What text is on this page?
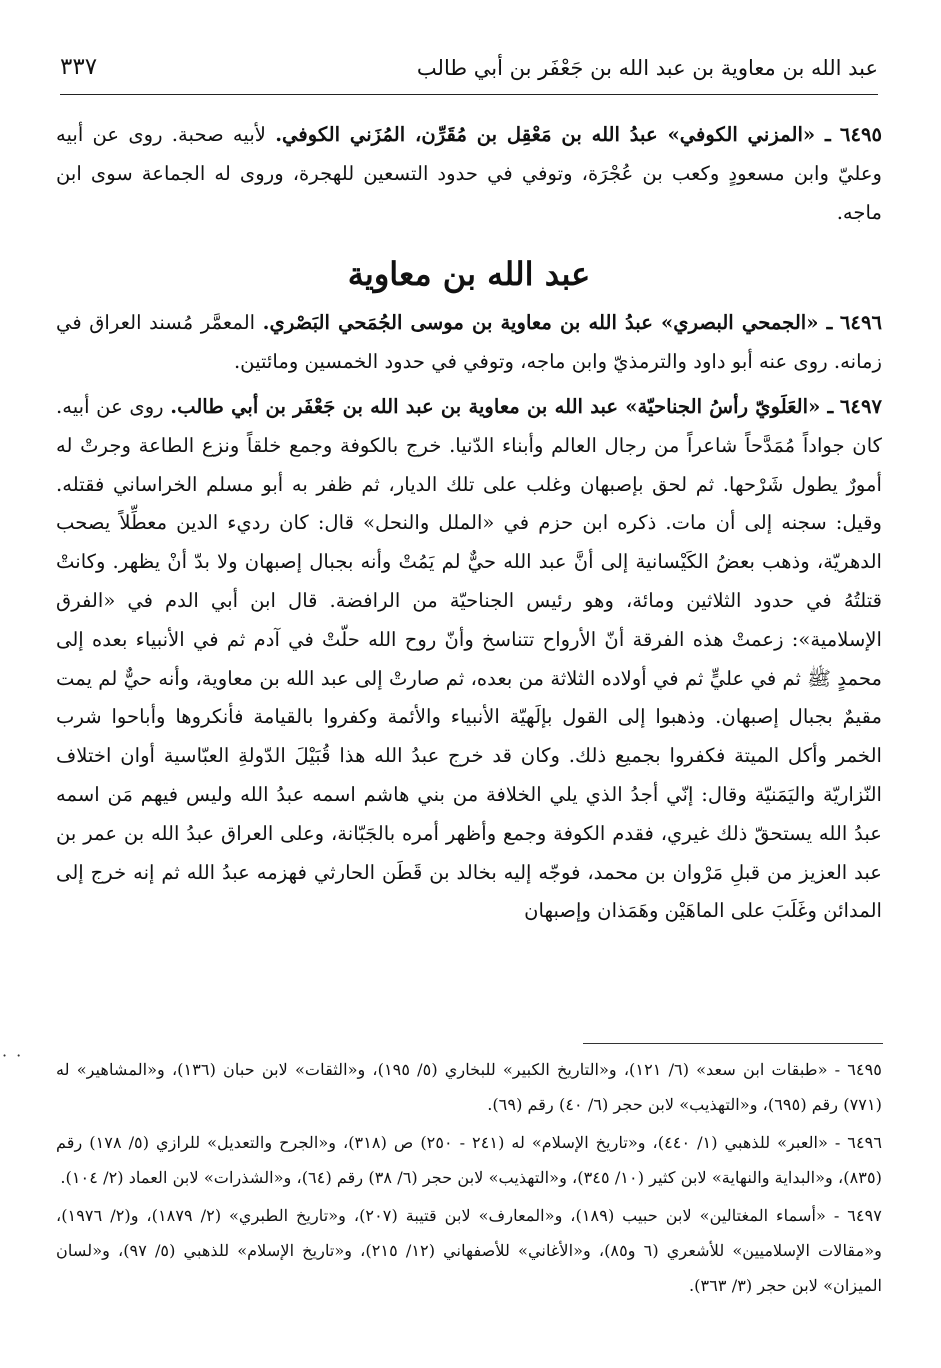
عبد الله بن معاوية بن عبد الله بن جَعْفَر بن أبي طالب
٣٣٧

٦٤٩٥ ـ «المزني الكوفي» عبدُ الله بن مَعْقِل بن مُقَرِّن، المُزَني الكوفي. لأبيه صحبة. روى عن أبيه وعليّ وابن مسعودٍ وكعب بن عُجْرَة، وتوفي في حدود التسعين للهجرة، وروى له الجماعة سوى ابن ماجه.

عبد الله بن معاوية

٦٤٩٦ ـ «الجمحي البصري» عبدُ الله بن معاوية بن موسى الجُمَحي البَصْري. المعمَّر مُسند العراق في زمانه. روى عنه أبو داود والترمذيّ وابن ماجه، وتوفي في حدود الخمسين ومائتين.

٦٤٩٧ ـ «العَلَويّ رأسُ الجناحيّة» عبد الله بن معاوية بن عبد الله بن جَعْفَر بن أبي طالب. روى عن أبيه. كان جواداً مُمَدَّحاً شاعراً من رجال العالم وأبناء الدّنيا. خرج بالكوفة وجمع خلقاً ونزع الطاعة وجرتْ له أمورٌ يطول شَرْحها. ثم لحق بإصبهان وغلب على تلك الديار، ثم ظفر به أبو مسلم الخراساني فقتله. وقيل: سجنه إلى أن مات. ذكره ابن حزم في «الملل والنحل» قال: كان رديء الدين معطِّلاً يصحب الدهريّة، وذهب بعضُ الكَيْسانية إلى أنَّ عبد الله حيٌّ لم يَمُتْ وأنه بجبال إصبهان ولا بدّ أنْ يظهر. وكانتْ قتلتُهُ في حدود الثلاثين ومائة، وهو رئيس الجناحيّة من الرافضة. قال ابن أبي الدم في «الفرق الإسلامية»: زعمتْ هذه الفرقة أنّ الأرواح تتناسخ وأنّ روح الله حلّتْ في آدم ثم في الأنبياء بعده إلى محمدٍ ﷺ ثم في عليٍّ ثم في أولاده الثلاثة من بعده، ثم صارتْ إلى عبد الله بن معاوية، وأنه حيٌّ لم يمت مقيمٌ بجبال إصبهان. وذهبوا إلى القول بإلَهيّة الأنبياء والأئمة وكفروا بالقيامة فأنكروها وأباحوا شرب الخمر وأكل الميتة فكفروا بجميع ذلك. وكان قد خرج عبدُ الله هذا قُبَيْلَ الدّولةِ العبّاسية أوان اختلاف النّزاريّة واليَمَنيّة وقال: إنّي أجدُ الذي يلي الخلافة من بني هاشم اسمه عبدُ الله وليس فيهم مَن اسمه عبدُ الله يستحقّ ذلك غيري، فقدم الكوفة وجمع وأظهر أمره بالجَبّانة، وعلى العراق عبدُ الله بن عمر بن عبد العزيز من قبلِ مَرْوان بن محمد، فوجّه إليه بخالد بن قَطَن الحارثي فهزمه عبدُ الله ثم إنه خرج إلى المدائن وغَلَبَ على الماهَيْن وهَمَذان وإصبهان

٦٤٩٥ - «طبقات ابن سعد» (٦/ ١٢١)، و«التاريخ الكبير» للبخاري (٥/ ١٩٥)، و«الثقات» لابن حبان (١٣٦)، و«المشاهير» له (٧٧١) رقم (٦٩٥)، و«التهذيب» لابن حجر (٦/ ٤٠) رقم (٦٩).

٦٤٩٦ - «العبر» للذهبي (١/ ٤٤٠)، و«تاريخ الإسلام» له (٢٤١ - ٢٥٠) ص (٣١٨)، و«الجرح والتعديل» للرازي (٥/ ١٧٨) رقم (٨٣٥)، و«البداية والنهاية» لابن كثير (١٠/ ٣٤٥)، و«التهذيب» لابن حجر (٦/ ٣٨) رقم (٦٤)، و«الشذرات» لابن العماد (٢/ ١٠٤).

٦٤٩٧ - «أسماء المغتالين» لابن حبيب (١٨٩)، و«المعارف» لابن قتيبة (٢٠٧)، و«تاريخ الطبري» (٢/ ١٨٧٩)، و(٢/ ١٩٧٦)، و«مقالات الإسلاميين» للأشعري (٦ و٨٥)، و«الأغاني» للأصفهاني (١٢/ ٢١٥)، و«تاريخ الإسلام» للذهبي (٥/ ٩٧)، و«لسان الميزان» لابن حجر (٣/ ٣٦٣).

· ·
